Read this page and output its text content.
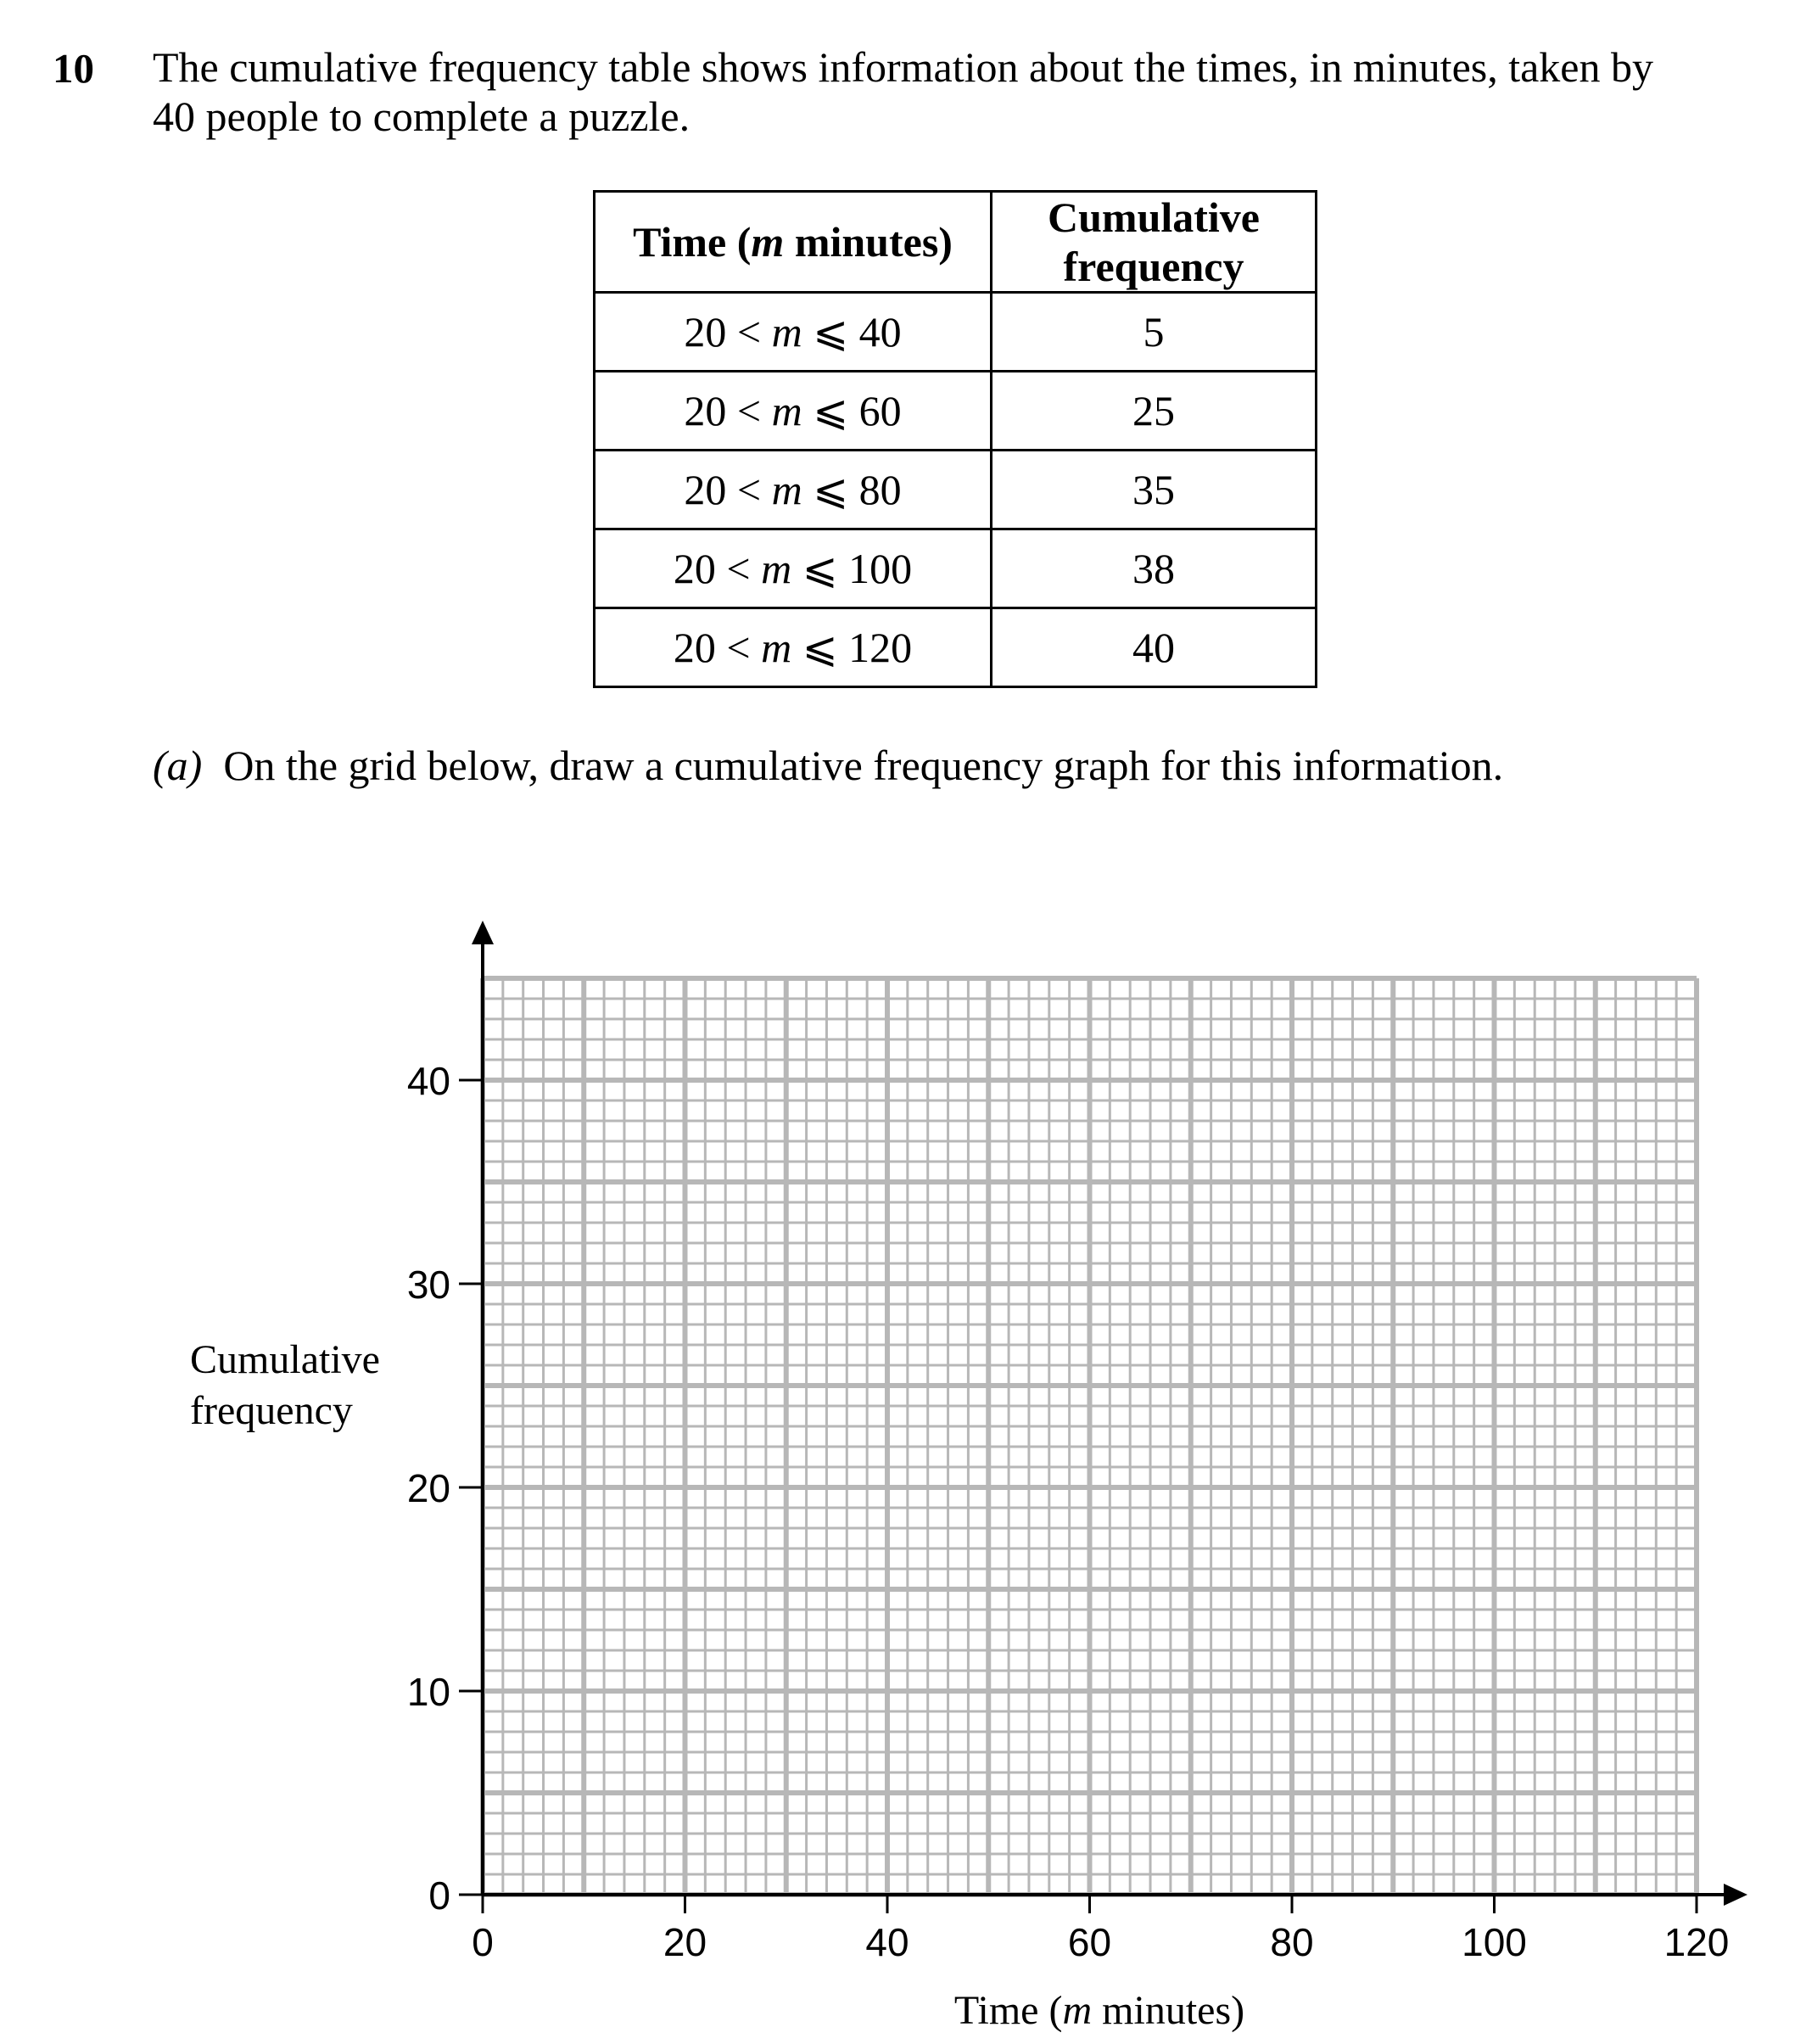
10 The cumulative frequency table shows information about the times, in minutes, taken by
40 people to complete a puzzle.
Time (m minutes)	Cumulative
frequency
20 < m ⩽ 40	5
20 < m ⩽ 60	25
20 < m ⩽ 80	35
20 < m ⩽ 100	38
20 < m ⩽ 120	40
(a) On the grid below, draw a cumulative frequency graph for this information.
0
10
20
30
40
0	20	40	60	80	100	120
Time (m minutes)
Cumulative
frequency
